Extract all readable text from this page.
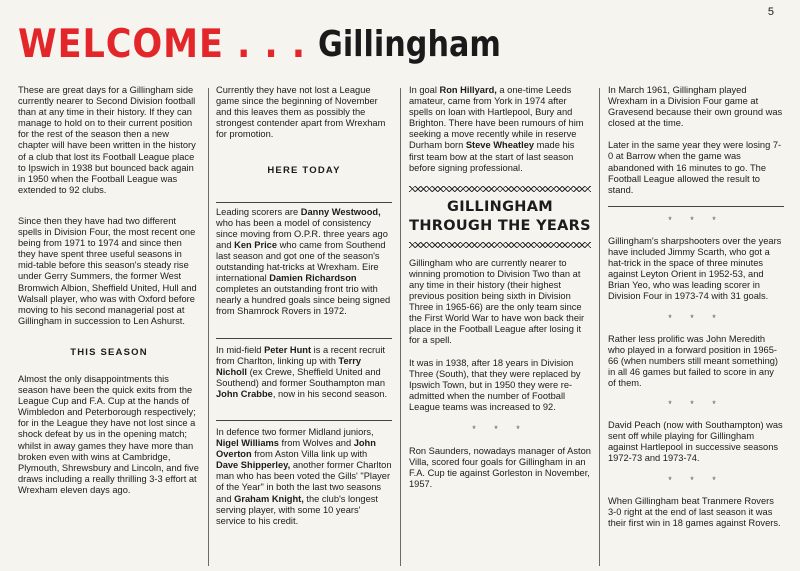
5
WELCOME . . . Gillingham

These are great days for a Gillingham side currently nearer to Second Division football than at any time in their history. If they can manage to hold on to their current position for the rest of the season then a new chapter will have been written in the history of a club that lost its Football League place to Ipswich in 1938 but bounced back again in 1950 when the Football League was extended to 92 clubs.

Since then they have had two different spells in Division Four, the most recent one being from 1971 to 1974 and since then they have spent three useful seasons in mid-table before this season's steady rise under Gerry Summers, the former West Bromwich Albion, Sheffield United, Hull and Walsall player, who was with Oxford before moving to his second managerial post at Gillingham in succession to Len Ashurst.

THIS SEASON

Almost the only disappointments this season have been the quick exits from the League Cup and F.A. Cup at the hands of Wimbledon and Peterborough respectively; for in the League they have not lost since a shock defeat by us in the opening match; whilst in away games they have more than broken even with wins at Cambridge, Plymouth, Shrewsbury and Lincoln, and five draws including a really thrilling 3-3 effort at Wrexham eleven days ago.

Currently they have not lost a League game since the beginning of November and this leaves them as possibly the strongest contender apart from Wrexham for promotion.

HERE TODAY

Leading scorers are Danny Westwood, who has been a model of consistency since moving from O.P.R. three years ago and Ken Price who came from Southend last season and got one of the season's outstanding hat-tricks at Wrexham. Eire international Damien Richardson completes an outstanding front trio with nearly a hundred goals since being signed from Shamrock Rovers in 1972.

In mid-field Peter Hunt is a recent recruit from Charlton, linking up with Terry Nicholl (ex Crewe, Sheffield United and Southend) and former Southampton man John Crabbe, now in his second season.

In defence two former Midland juniors, Nigel Williams from Wolves and John Overton from Aston Villa link up with Dave Shipperley, another former Charlton man who has been voted the Gills' "Player of the Year" in both the last two seasons and Graham Knight, the club's longest serving player, with some 10 years' service to his credit.

In goal Ron Hillyard, a one-time Leeds amateur, came from York in 1974 after spells on loan with Hartlepool, Bury and Brighton. There have been rumours of him seeking a move recently while in reserve Durham born Steve Wheatley made his first team bow at the start of last season before signing professional.

GILLINGHAM THROUGH THE YEARS

Gillingham who are currently nearer to winning promotion to Division Two than at any time in their history (their highest previous position being sixth in Division Three in 1965-66) are the only team since the First World War to have won back their place in the Football League after losing it for a spell.

It was in 1938, after 18 years in Division Three (South), that they were replaced by Ipswich Town, but in 1950 they were re-admitted when the number of Football League teams was increased to 92.

* * *

Ron Saunders, nowadays manager of Aston Villa, scored four goals for Gillingham in an F.A. Cup tie against Gorleston in November, 1957.

In March 1961, Gillingham played Wrexham in a Division Four game at Gravesend because their own ground was closed at the time.

Later in the same year they were losing 7-0 at Barrow when the game was abandoned with 16 minutes to go. The Football League allowed the result to stand.

* * *

Gillingham's sharpshooters over the years have included Jimmy Scarth, who got a hat-trick in the space of three minutes against Leyton Orient in 1952-53, and Brian Yeo, who was leading scorer in Division Four in 1973-74 with 31 goals.

* * *

Rather less prolific was John Meredith who played in a forward position in 1965-66 (when numbers still meant something) in all 46 games but failed to score in any of them.

* * *

David Peach (now with Southampton) was sent off while playing for Gillingham against Hartlepool in successive seasons 1972-73 and 1973-74.

* * *

When Gillingham beat Tranmere Rovers 3-0 right at the end of last season it was their first win in 18 games against Rovers.
